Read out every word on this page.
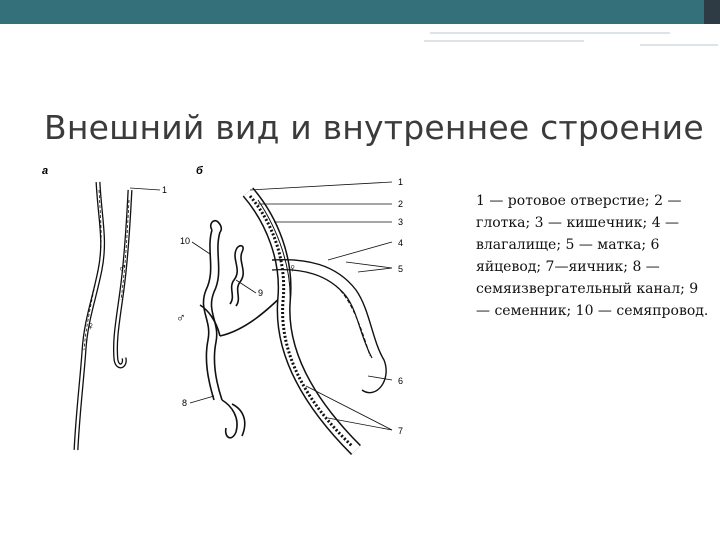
Внешний вид и внутреннее строение
а	б
1
♂
♀
10
9
8
♂
♀
1
2
3
4
5
6
7
1 — ротовое отверстие; 2 — глотка; 3 — кишечник; 4 — влагалище; 5 — матка; 6 яйцевод; 7—яичник; 8 — семяизвергательный канал; 9 — семенник; 10 — семяпровод.
